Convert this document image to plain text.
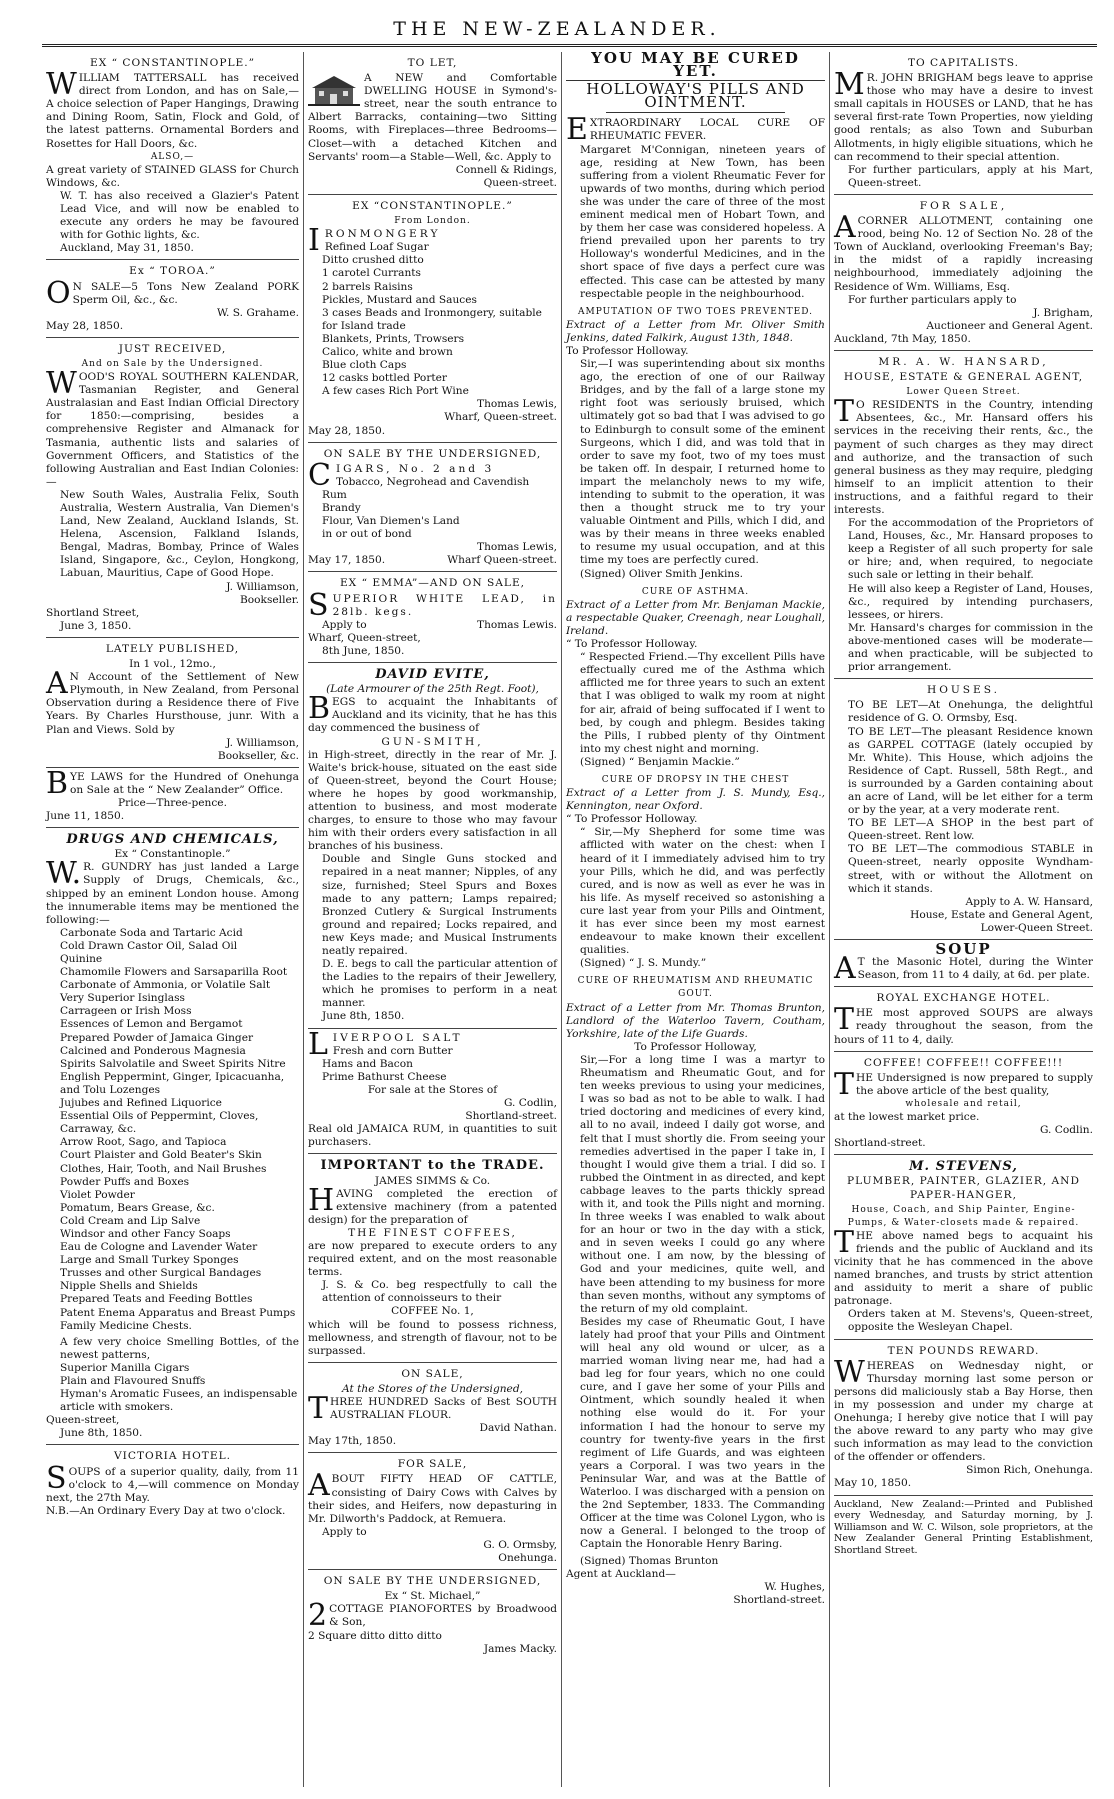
THE NEW-ZEALANDER.
EX “ CONSTANTINOPLE.”

WILLIAM TATTERSALL has received direct from London, and has on Sale,— A choice selection of Paper Hangings, Drawing and Dining Room, Satin, Flock and Gold, of the latest patterns. Ornamental Borders and Rosettes for Hall Doors, &c.

ALSO,—

A great variety of STAINED GLASS for Church Windows, &c.

W. T. has also received a Glazier's Patent Lead Vice, and will now be enabled to execute any orders he may be favoured with for Gothic lights, &c.

Auckland, May 31, 1850.

Ex “ TOROA.”

ON SALE—5 Tons New Zealand PORK Sperm Oil, &c., &c.

W. S. Grahame.

May 28, 1850.

JUST RECEIVED,
And on Sale by the Undersigned.

WOOD'S ROYAL SOUTHERN KALENDAR, Tasmanian Register, and General Australasian and East Indian Official Directory for 1850:—comprising, besides a comprehensive Register and Almanack for Tasmania, authentic lists and salaries of Government Officers, and Statistics of the following Australian and East Indian Colonies:—

New South Wales, Australia Felix, South Australia, Western Australia, Van Diemen's Land, New Zealand, Auckland Islands, St. Helena, Ascension, Falkland Islands, Bengal, Madras, Bombay, Prince of Wales Island, Singapore, &c., Ceylon, Hongkong, Labuan, Mauritius, Cape of Good Hope.

J. Williamson,

Bookseller.

Shortland Street,

June 3, 1850.

LATELY PUBLISHED,
In 1 vol., 12mo.,

AN Account of the Settlement of New Plymouth, in New Zealand, from Personal Observation during a Residence there of Five Years. By Charles Hursthouse, junr. With a Plan and Views. Sold by

J. Williamson,

Bookseller, &c.

BYE LAWS for the Hundred of Onehunga on Sale at the “ New Zealander” Office.

Price—Three-pence.

June 11, 1850.

DRUGS AND CHEMICALS,
Ex “ Constantinople.”

W.R. GUNDRY has just landed a Large Supply of Drugs, Chemicals, &c., shipped by an eminent London house. Among the innumerable items may be mentioned the following:—

Carbonate Soda and Tartaric Acid
Cold Drawn Castor Oil, Salad Oil
Quinine
Chamomile Flowers and Sarsaparilla Root
Carbonate of Ammonia, or Volatile Salt
Very Superior Isinglass
Carrageen or Irish Moss
Essences of Lemon and Bergamot
Prepared Powder of Jamaica Ginger
Calcined and Ponderous Magnesia
Spirits Salvolatile and Sweet Spirits Nitre
English Peppermint, Ginger, Ipicacuanha, and Tolu Lozenges
Jujubes and Refined Liquorice
Essential Oils of Peppermint, Cloves, Carraway, &c.
Arrow Root, Sago, and Tapioca
Court Plaister and Gold Beater's Skin
Clothes, Hair, Tooth, and Nail Brushes
Powder Puffs and Boxes
Violet Powder
Pomatum, Bears Grease, &c.
Cold Cream and Lip Salve
Windsor and other Fancy Soaps
Eau de Cologne and Lavender Water
Large and Small Turkey Sponges
Trusses and other Surgical Bandages
Nipple Shells and Shields
Prepared Teats and Feeding Bottles
Patent Enema Apparatus and Breast Pumps
Family Medicine Chests.

A few very choice Smelling Bottles, of the newest patterns,

Superior Manilla Cigars
Plain and Flavoured Snuffs
Hyman's Aromatic Fusees, an indispensable article with smokers.

Queen-street,

June 8th, 1850.

VICTORIA HOTEL.

SOUPS of a superior quality, daily, from 11 o'clock to 4,—will commence on Monday next, the 27th May.

N.B.—An Ordinary Every Day at two o'clock.

TO LET,

A NEW and Comfortable DWELLING HOUSE in Symond's-street, near the south entrance to Albert Barracks, containing—two Sitting Rooms, with Fireplaces—three Bedrooms—Closet—with a detached Kitchen and Servants' room—a Stable—Well, &c. Apply to

Connell & Ridings,

Queen-street.

EX “CONSTANTINOPLE.”
From London.

IRONMONGERY

Refined Loaf Sugar
Ditto crushed ditto
1 carotel Currants
2 barrels Raisins
Pickles, Mustard and Sauces
3 cases Beads and Ironmongery, suitable for Island trade
Blankets, Prints, Trowsers
Calico, white and brown
Blue cloth Caps
12 casks bottled Porter
A few cases Rich Port Wine

Thomas Lewis,

Wharf, Queen-street.

May 28, 1850.

ON SALE BY THE UNDERSIGNED,

CIGARS, No. 2 and 3

Tobacco, Negrohead and Cavendish
Rum
Brandy
Flour, Van Diemen's Land

in or out of bond

Thomas Lewis,

May 17, 1850.	Wharf Queen-street.

EX “ EMMA”—AND ON SALE,

SUPERIOR WHITE LEAD, in 28lb. kegs.

Apply to	Thomas Lewis.

Wharf, Queen-street,

8th June, 1850.

DAVID EVITE,
(Late Armourer of the 25th Regt. Foot),

BEGS to acquaint the Inhabitants of Auckland and its vicinity, that he has this day commenced the business of

GUN-SMITH,

in High-street, directly in the rear of Mr. J. Waite's brick-house, situated on the east side of Queen-street, beyond the Court House; where he hopes by good workmanship, attention to business, and most moderate charges, to ensure to those who may favour him with their orders every satisfaction in all branches of his business.

Double and Single Guns stocked and repaired in a neat manner; Nipples, of any size, furnished; Steel Spurs and Boxes made to any pattern; Lamps repaired; Bronzed Cutlery & Surgical Instruments ground and repaired; Locks repaired, and new Keys made; and Musical Instruments neatly repaired.

D. E. begs to call the particular attention of the Ladies to the repairs of their Jewellery, which he promises to perform in a neat manner.

June 8th, 1850.

LIVERPOOL SALT

Fresh and corn Butter
Hams and Bacon
Prime Bathurst Cheese

For sale at the Stores of

G. Codlin,

Shortland-street.

Real old JAMAICA RUM, in quantities to suit purchasers.

IMPORTANT to the TRADE.
JAMES SIMMS & Co.

HAVING completed the erection of extensive machinery (from a patented design) for the preparation of

THE FINEST COFFEES,

are now prepared to execute orders to any required extent, and on the most reasonable terms.

J. S. & Co. beg respectfully to call the attention of connoisseurs to their

COFFEE No. 1,

which will be found to possess richness, mellowness, and strength of flavour, not to be surpassed.

ON SALE,
At the Stores of the Undersigned,

THREE HUNDRED Sacks of Best SOUTH AUSTRALIAN FLOUR.

David Nathan.

May 17th, 1850.

FOR SALE,

ABOUT FIFTY HEAD OF CATTLE, consisting of Dairy Cows with Calves by their sides, and Heifers, now depasturing in Mr. Dilworth's Paddock, at Remuera.

Apply to

G. O. Ormsby,

Onehunga.

ON SALE BY THE UNDERSIGNED,
Ex “ St. Michael,”

2COTTAGE PIANOFORTES by Broadwood & Son,

2 Square ditto ditto ditto

James Macky.

YOU MAY BE CURED YET.
HOLLOWAY'S PILLS AND OINTMENT.

EXTRAORDINARY LOCAL CURE OF RHEUMATIC FEVER.

Margaret M'Connigan, nineteen years of age, residing at New Town, has been suffering from a violent Rheumatic Fever for upwards of two months, during which period she was under the care of three of the most eminent medical men of Hobart Town, and by them her case was considered hopeless. A friend prevailed upon her parents to try Holloway's wonderful Medicines, and in the short space of five days a perfect cure was effected. This case can be attested by many respectable people in the neighbourhood.

AMPUTATION OF TWO TOES PREVENTED.

Extract of a Letter from Mr. Oliver Smith Jenkins, dated Falkirk, August 13th, 1848.

To Professor Holloway.

Sir,—I was superintending about six months ago, the erection of one of our Railway Bridges, and by the fall of a large stone my right foot was seriously bruised, which ultimately got so bad that I was advised to go to Edinburgh to consult some of the eminent Surgeons, which I did, and was told that in order to save my foot, two of my toes must be taken off. In despair, I returned home to impart the melancholy news to my wife, intending to submit to the operation, it was then a thought struck me to try your valuable Ointment and Pills, which I did, and was by their means in three weeks enabled to resume my usual occupation, and at this time my toes are perfectly cured.

(Signed) Oliver Smith Jenkins.

CURE OF ASTHMA.

Extract of a Letter from Mr. Benjaman Mackie, a respectable Quaker, Creenagh, near Loughall, Ireland.

“ To Professor Holloway.

“ Respected Friend.—Thy excellent Pills have effectually cured me of the Asthma which afflicted me for three years to such an extent that I was obliged to walk my room at night for air, afraid of being suffocated if I went to bed, by cough and phlegm. Besides taking the Pills, I rubbed plenty of thy Ointment into my chest night and morning.

(Signed) “ Benjamin Mackie.”

CURE OF DROPSY IN THE CHEST

Extract of a Letter from J. S. Mundy, Esq., Kennington, near Oxford.

“ To Professor Holloway.

“ Sir,—My Shepherd for some time was afflicted with water on the chest: when I heard of it I immediately advised him to try your Pills, which he did, and was perfectly cured, and is now as well as ever he was in his life. As myself received so astonishing a cure last year from your Pills and Ointment, it has ever since been my most earnest endeavour to make known their excellent qualities.

(Signed) “ J. S. Mundy.”

CURE OF RHEUMATISM AND RHEUMATIC GOUT.

Extract of a Letter from Mr. Thomas Brunton, Landlord of the Waterloo Tavern, Coutham, Yorkshire, late of the Life Guards.

To Professor Holloway,

Sir,—For a long time I was a martyr to Rheumatism and Rheumatic Gout, and for ten weeks previous to using your medicines, I was so bad as not to be able to walk. I had tried doctoring and medicines of every kind, all to no avail, indeed I daily got worse, and felt that I must shortly die. From seeing your remedies advertised in the paper I take in, I thought I would give them a trial. I did so. I rubbed the Ointment in as directed, and kept cabbage leaves to the parts thickly spread with it, and took the Pills night and morning. In three weeks I was enabled to walk about for an hour or two in the day with a stick, and in seven weeks I could go any where without one. I am now, by the blessing of God and your medicines, quite well, and have been attending to my business for more than seven months, without any symptoms of the return of my old complaint.

Besides my case of Rheumatic Gout, I have lately had proof that your Pills and Ointment will heal any old wound or ulcer, as a married woman living near me, had had a bad leg for four years, which no one could cure, and I gave her some of your Pills and Ointment, which soundly healed it when nothing else would do it. For your information I had the honour to serve my country for twenty-five years in the first regiment of Life Guards, and was eighteen years a Corporal. I was two years in the Peninsular War, and was at the Battle of Waterloo. I was discharged with a pension on the 2nd September, 1833. The Commanding Officer at the time was Colonel Lygon, who is now a General. I belonged to the troop of Captain the Honorable Henry Baring.

(Signed) Thomas Brunton

Agent at Auckland—

W. Hughes,

Shortland-street.

TO CAPITALISTS.

MR. JOHN BRIGHAM begs leave to apprise those who may have a desire to invest small capitals in HOUSES or LAND, that he has several first-rate Town Properties, now yielding good rentals; as also Town and Suburban Allotments, in higly eligible situations, which he can recommend to their special attention.

For further particulars, apply at his Mart, Queen-street.

FOR SALE,

ACORNER ALLOTMENT, containing one rood, being No. 12 of Section No. 28 of the Town of Auckland, overlooking Freeman's Bay; in the midst of a rapidly increasing neighbourhood, immediately adjoining the Residence of Wm. Williams, Esq.

For further particulars apply to

J. Brigham,

Auctioneer and General Agent.

Auckland, 7th May, 1850.

MR. A. W. HANSARD,
HOUSE, ESTATE & GENERAL AGENT,
Lower Queen Street.

TO RESIDENTS in the Country, intending Absentees, &c., Mr. Hansard offers his services in the receiving their rents, &c., the payment of such charges as they may direct and authorize, and the transaction of such general business as they may require, pledging himself to an implicit attention to their instructions, and a faithful regard to their interests.

For the accommodation of the Proprietors of Land, Houses, &c., Mr. Hansard proposes to keep a Register of all such property for sale or hire; and, when required, to negociate such sale or letting in their behalf.

He will also keep a Register of Land, Houses, &c., required by intending purchasers, lessees, or hirers.

Mr. Hansard's charges for commission in the above-mentioned cases will be moderate—and when practicable, will be subjected to prior arrangement.

HOUSES.

TO BE LET—At Onehunga, the delightful residence of G. O. Ormsby, Esq.

TO BE LET—The pleasant Residence known as GARPEL COTTAGE (lately occupied by Mr. White). This House, which adjoins the Residence of Capt. Russell, 58th Regt., and is surrounded by a Garden containing about an acre of Land, will be let either for a term or by the year, at a very moderate rent.

TO BE LET—A SHOP in the best part of Queen-street. Rent low.

TO BE LET—The commodious STABLE in Queen-street, nearly opposite Wyndham-street, with or without the Allotment on which it stands.

Apply to A. W. Hansard,

House, Estate and General Agent,

Lower-Queen Street.

SOUP

AT the Masonic Hotel, during the Winter Season, from 11 to 4 daily, at 6d. per plate.

ROYAL EXCHANGE HOTEL.

THE most approved SOUPS are always ready throughout the season, from the hours of 11 to 4, daily.

COFFEE! COFFEE!! COFFEE!!!

THE Undersigned is now prepared to supply the above article of the best quality,

wholesale and retail,

at the lowest market price.

G. Codlin.

Shortland-street.

M. STEVENS,
PLUMBER, PAINTER, GLAZIER, AND PAPER-HANGER,
House, Coach, and Ship Painter, Engine-Pumps, & Water-closets made & repaired.

THE above named begs to acquaint his friends and the public of Auckland and its vicinity that he has commenced in the above named branches, and trusts by strict attention and assiduity to merit a share of public patronage.

Orders taken at M. Stevens's, Queen-street, opposite the Wesleyan Chapel.

TEN POUNDS REWARD.

WHEREAS on Wednesday night, or Thursday morning last some person or persons did maliciously stab a Bay Horse, then in my possession and under my charge at Onehunga; I hereby give notice that I will pay the above reward to any party who may give such information as may lead to the conviction of the offender or offenders.

Simon Rich, Onehunga.

May 10, 1850.

Auckland, New Zealand:—Printed and Published every Wednesday, and Saturday morning, by J. Williamson and W. C. Wilson, sole proprietors, at the New Zealander General Printing Establishment, Shortland Street.
